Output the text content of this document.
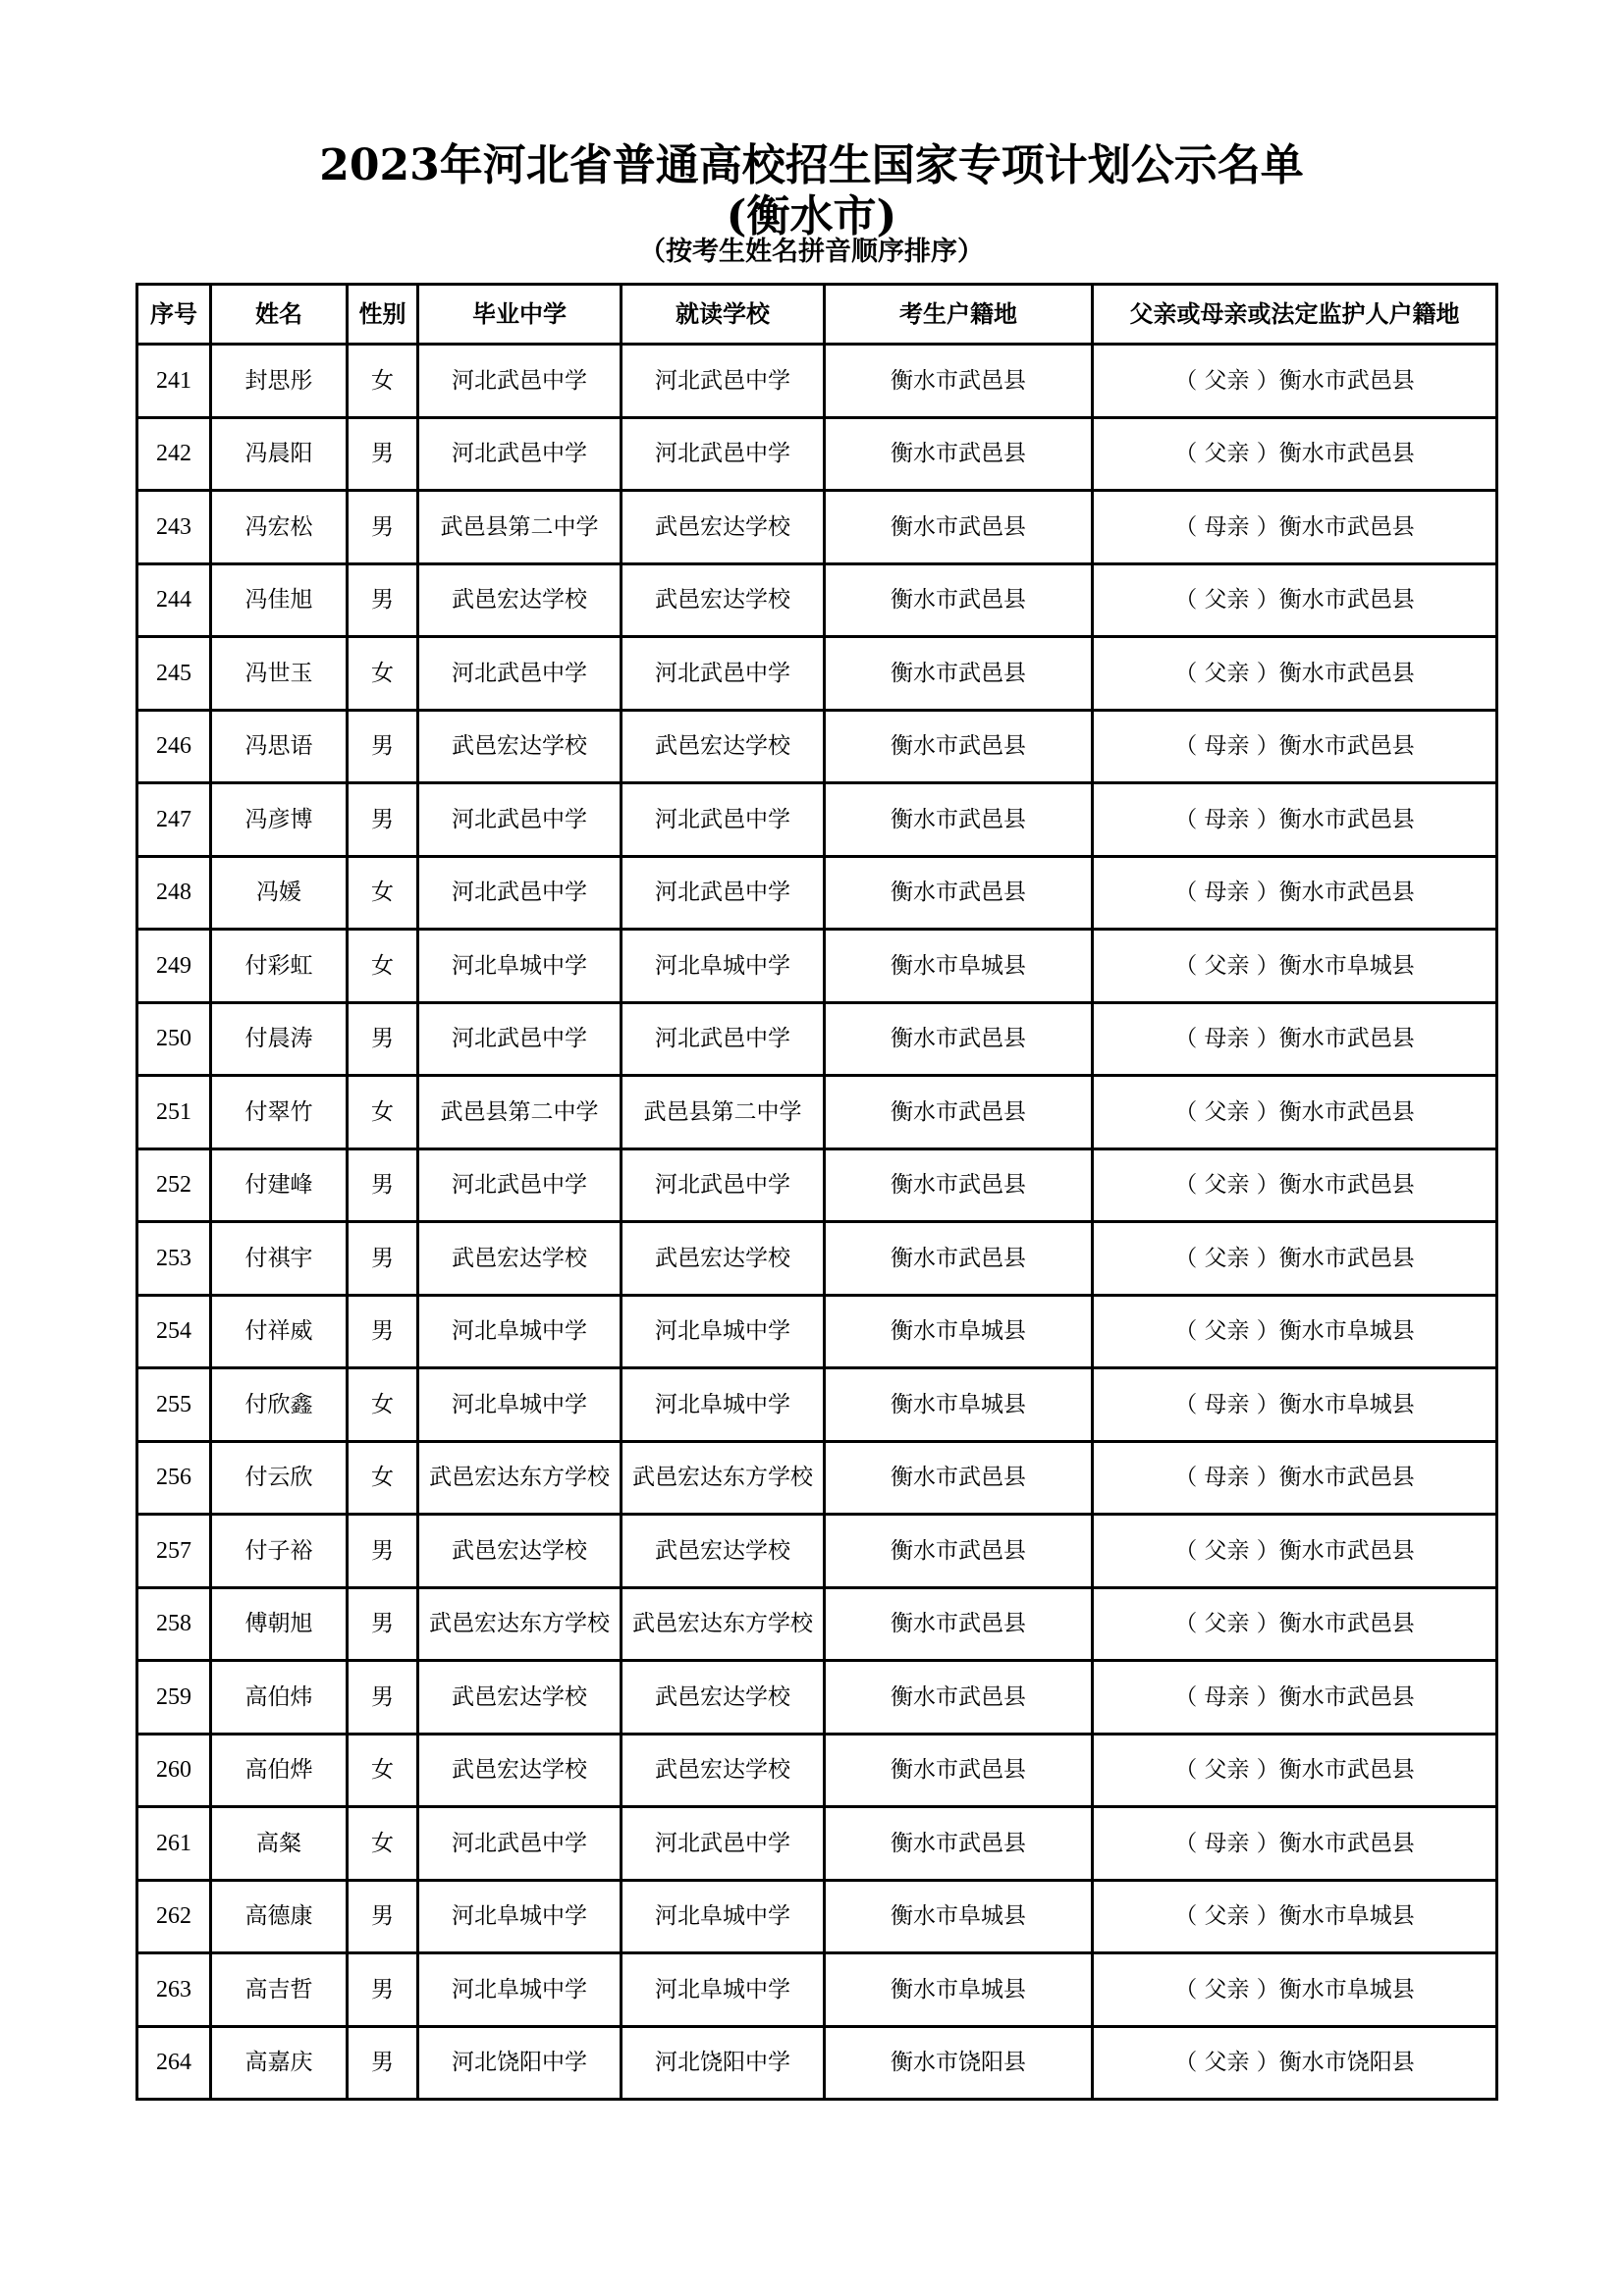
2023年河北省普通高校招生国家专项计划公示名单
(衡水市)
（按考生姓名拼音顺序排序）
序号	姓名	性别	毕业中学	就读学校	考生户籍地	父亲或母亲或法定监护人户籍地
241	封思彤	女	河北武邑中学	河北武邑中学	衡水市武邑县	（ 父亲 ）衡水市武邑县
242	冯晨阳	男	河北武邑中学	河北武邑中学	衡水市武邑县	（ 父亲 ）衡水市武邑县
243	冯宏松	男	武邑县第二中学	武邑宏达学校	衡水市武邑县	（ 母亲 ）衡水市武邑县
244	冯佳旭	男	武邑宏达学校	武邑宏达学校	衡水市武邑县	（ 父亲 ）衡水市武邑县
245	冯世玉	女	河北武邑中学	河北武邑中学	衡水市武邑县	（ 父亲 ）衡水市武邑县
246	冯思语	男	武邑宏达学校	武邑宏达学校	衡水市武邑县	（ 母亲 ）衡水市武邑县
247	冯彦博	男	河北武邑中学	河北武邑中学	衡水市武邑县	（ 母亲 ）衡水市武邑县
248	冯媛	女	河北武邑中学	河北武邑中学	衡水市武邑县	（ 母亲 ）衡水市武邑县
249	付彩虹	女	河北阜城中学	河北阜城中学	衡水市阜城县	（ 父亲 ）衡水市阜城县
250	付晨涛	男	河北武邑中学	河北武邑中学	衡水市武邑县	（ 母亲 ）衡水市武邑县
251	付翠竹	女	武邑县第二中学	武邑县第二中学	衡水市武邑县	（ 父亲 ）衡水市武邑县
252	付建峰	男	河北武邑中学	河北武邑中学	衡水市武邑县	（ 父亲 ）衡水市武邑县
253	付祺宇	男	武邑宏达学校	武邑宏达学校	衡水市武邑县	（ 父亲 ）衡水市武邑县
254	付祥威	男	河北阜城中学	河北阜城中学	衡水市阜城县	（ 父亲 ）衡水市阜城县
255	付欣鑫	女	河北阜城中学	河北阜城中学	衡水市阜城县	（ 母亲 ）衡水市阜城县
256	付云欣	女	武邑宏达东方学校	武邑宏达东方学校	衡水市武邑县	（ 母亲 ）衡水市武邑县
257	付子裕	男	武邑宏达学校	武邑宏达学校	衡水市武邑县	（ 父亲 ）衡水市武邑县
258	傅朝旭	男	武邑宏达东方学校	武邑宏达东方学校	衡水市武邑县	（ 父亲 ）衡水市武邑县
259	高伯炜	男	武邑宏达学校	武邑宏达学校	衡水市武邑县	（ 母亲 ）衡水市武邑县
260	高伯烨	女	武邑宏达学校	武邑宏达学校	衡水市武邑县	（ 父亲 ）衡水市武邑县
261	高粲	女	河北武邑中学	河北武邑中学	衡水市武邑县	（ 母亲 ）衡水市武邑县
262	高德康	男	河北阜城中学	河北阜城中学	衡水市阜城县	（ 父亲 ）衡水市阜城县
263	高吉哲	男	河北阜城中学	河北阜城中学	衡水市阜城县	（ 父亲 ）衡水市阜城县
264	高嘉庆	男	河北饶阳中学	河北饶阳中学	衡水市饶阳县	（ 父亲 ）衡水市饶阳县
